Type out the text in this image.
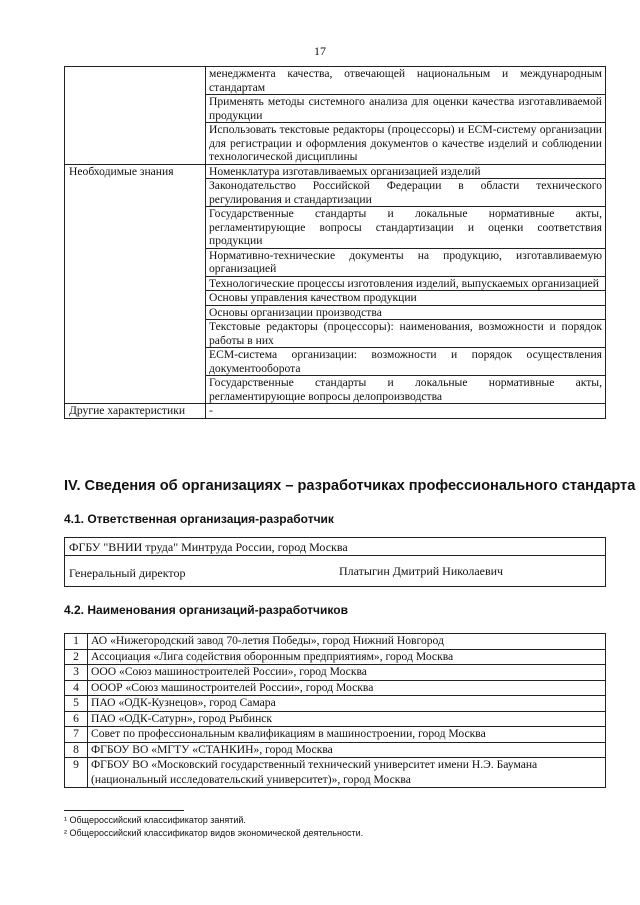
17
	менеджмента качества, отвечающей национальным и международным стандартам
	Применять методы системного анализа для оценки качества изготавливаемой продукции
	Использовать текстовые редакторы (процессоры) и ЕСМ-систему организации для регистрации и оформления документов о качестве изделий и соблюдении технологической дисциплины
Необходимые знания	Номенклатура изготавливаемых организацией изделий
	Законодательство Российской Федерации в области технического регулирования и стандартизации
	Государственные стандарты и локальные нормативные акты, регламентирующие вопросы стандартизации и оценки соответствия продукции
	Нормативно-технические документы на продукцию, изготавливаемую организацией
	Технологические процессы изготовления изделий, выпускаемых организацией
	Основы управления качеством продукции
	Основы организации производства
	Текстовые редакторы (процессоры): наименования, возможности и порядок работы в них
	ЕСМ-система организации: возможности и порядок осуществления документооборота
	Государственные стандарты и локальные нормативные акты, регламентирующие вопросы делопроизводства
Другие характеристики	-
IV. Сведения об организациях – разработчиках профессионального стандарта
4.1. Ответственная организация-разработчик
ФГБУ "ВНИИ труда" Минтруда России, город Москва
Генеральный директор	Платыгин Дмитрий Николаевич
4.2. Наименования организаций-разработчиков
1	АО «Нижегородский завод 70-летия Победы», город Нижний Новгород
2	Ассоциация «Лига содействия оборонным предприятиям», город Москва
3	ООО «Союз машиностроителей России», город Москва
4	ОООР «Союз машиностроителей России», город Москва
5	ПАО «ОДК-Кузнецов», город Самара
6	ПАО «ОДК-Сатурн», город Рыбинск
7	Совет по профессиональным квалификациям в машиностроении, город Москва
8	ФГБОУ ВО «МГТУ «СТАНКИН», город Москва
9	ФГБОУ ВО «Московский государственный технический университет имени Н.Э. Баумана (национальный исследовательский университет)», город Москва
¹ Общероссийский классификатор занятий.
² Общероссийский классификатор видов экономической деятельности.
